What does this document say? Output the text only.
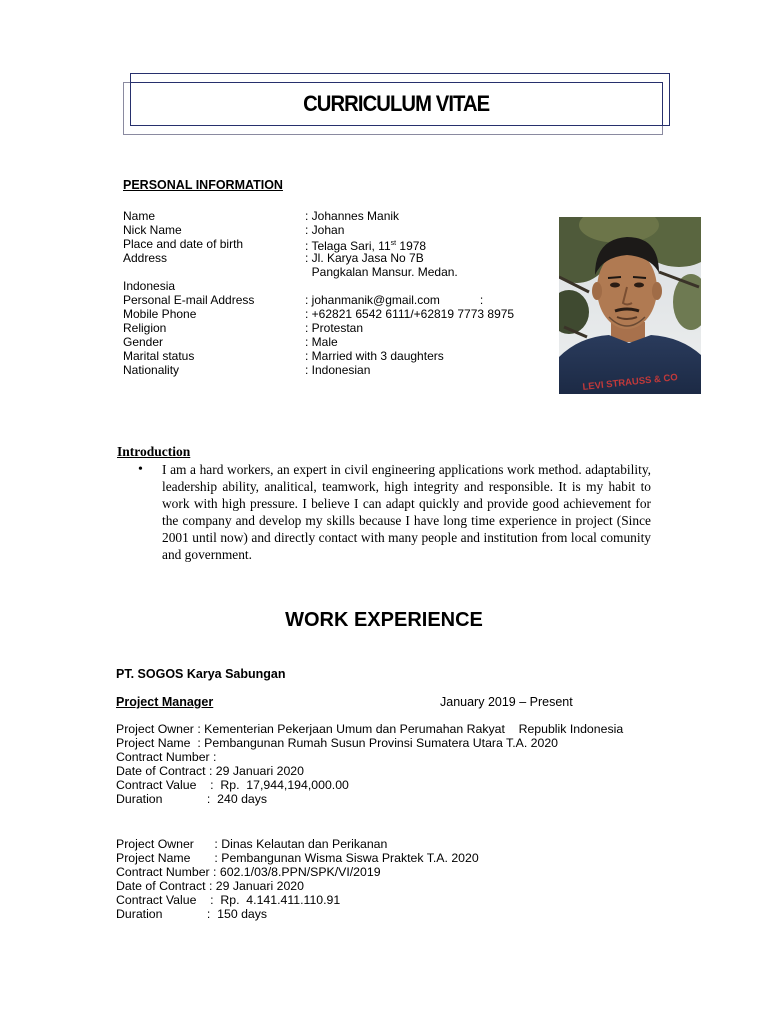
CURRICULUM VITAE
PERSONAL INFORMATION
Name	: Johannes Manik
Nick Name	: Johan
Place and date of birth	: Telaga Sari, 11st 1978
Address	: Jl. Karya Jasa No 7B
Pangkalan Mansur. Medan.
Indonesia
Personal E-mail Address	: johanmanik@gmail.com            :
Mobile Phone	: +62821 6542 6111/+62819 7773 8975
Religion	: Protestan
Gender	: Male
Marital status	: Married with 3 daughters
Nationality	: Indonesian
LEVI STRAUSS & CO
Introduction
• I am a hard workers, an expert in civil engineering applications work method. adaptability, leadership ability, analitical, teamwork, high integrity and responsible. It is my habit to work with high pressure. I believe I can adapt quickly and provide good achievement for the company and develop my skills because I have long time experience in project (Since 2001 until now) and directly contact with many people and institution from local comunity and government.
WORK EXPERIENCE
PT. SOGOS Karya Sabungan
Project Manager	January 2019 – Present
Project Owner : Kementerian Pekerjaan Umum dan Perumahan Rakyat    Republik Indonesia
Project Name  : Pembangunan Rumah Susun Provinsi Sumatera Utara T.A. 2020
Contract Number :
Date of Contract : 29 Januari 2020
Contract Value    :  Rp.  17,944,194,000.00
Duration             :  240 days
Project Owner      : Dinas Kelautan dan Perikanan
Project Name       : Pembangunan Wisma Siswa Praktek T.A. 2020
Contract Number : 602.1/03/8.PPN/SPK/VI/2019
Date of Contract : 29 Januari 2020
Contract Value    :  Rp.  4.141.411.110.91
Duration             :  150 days
